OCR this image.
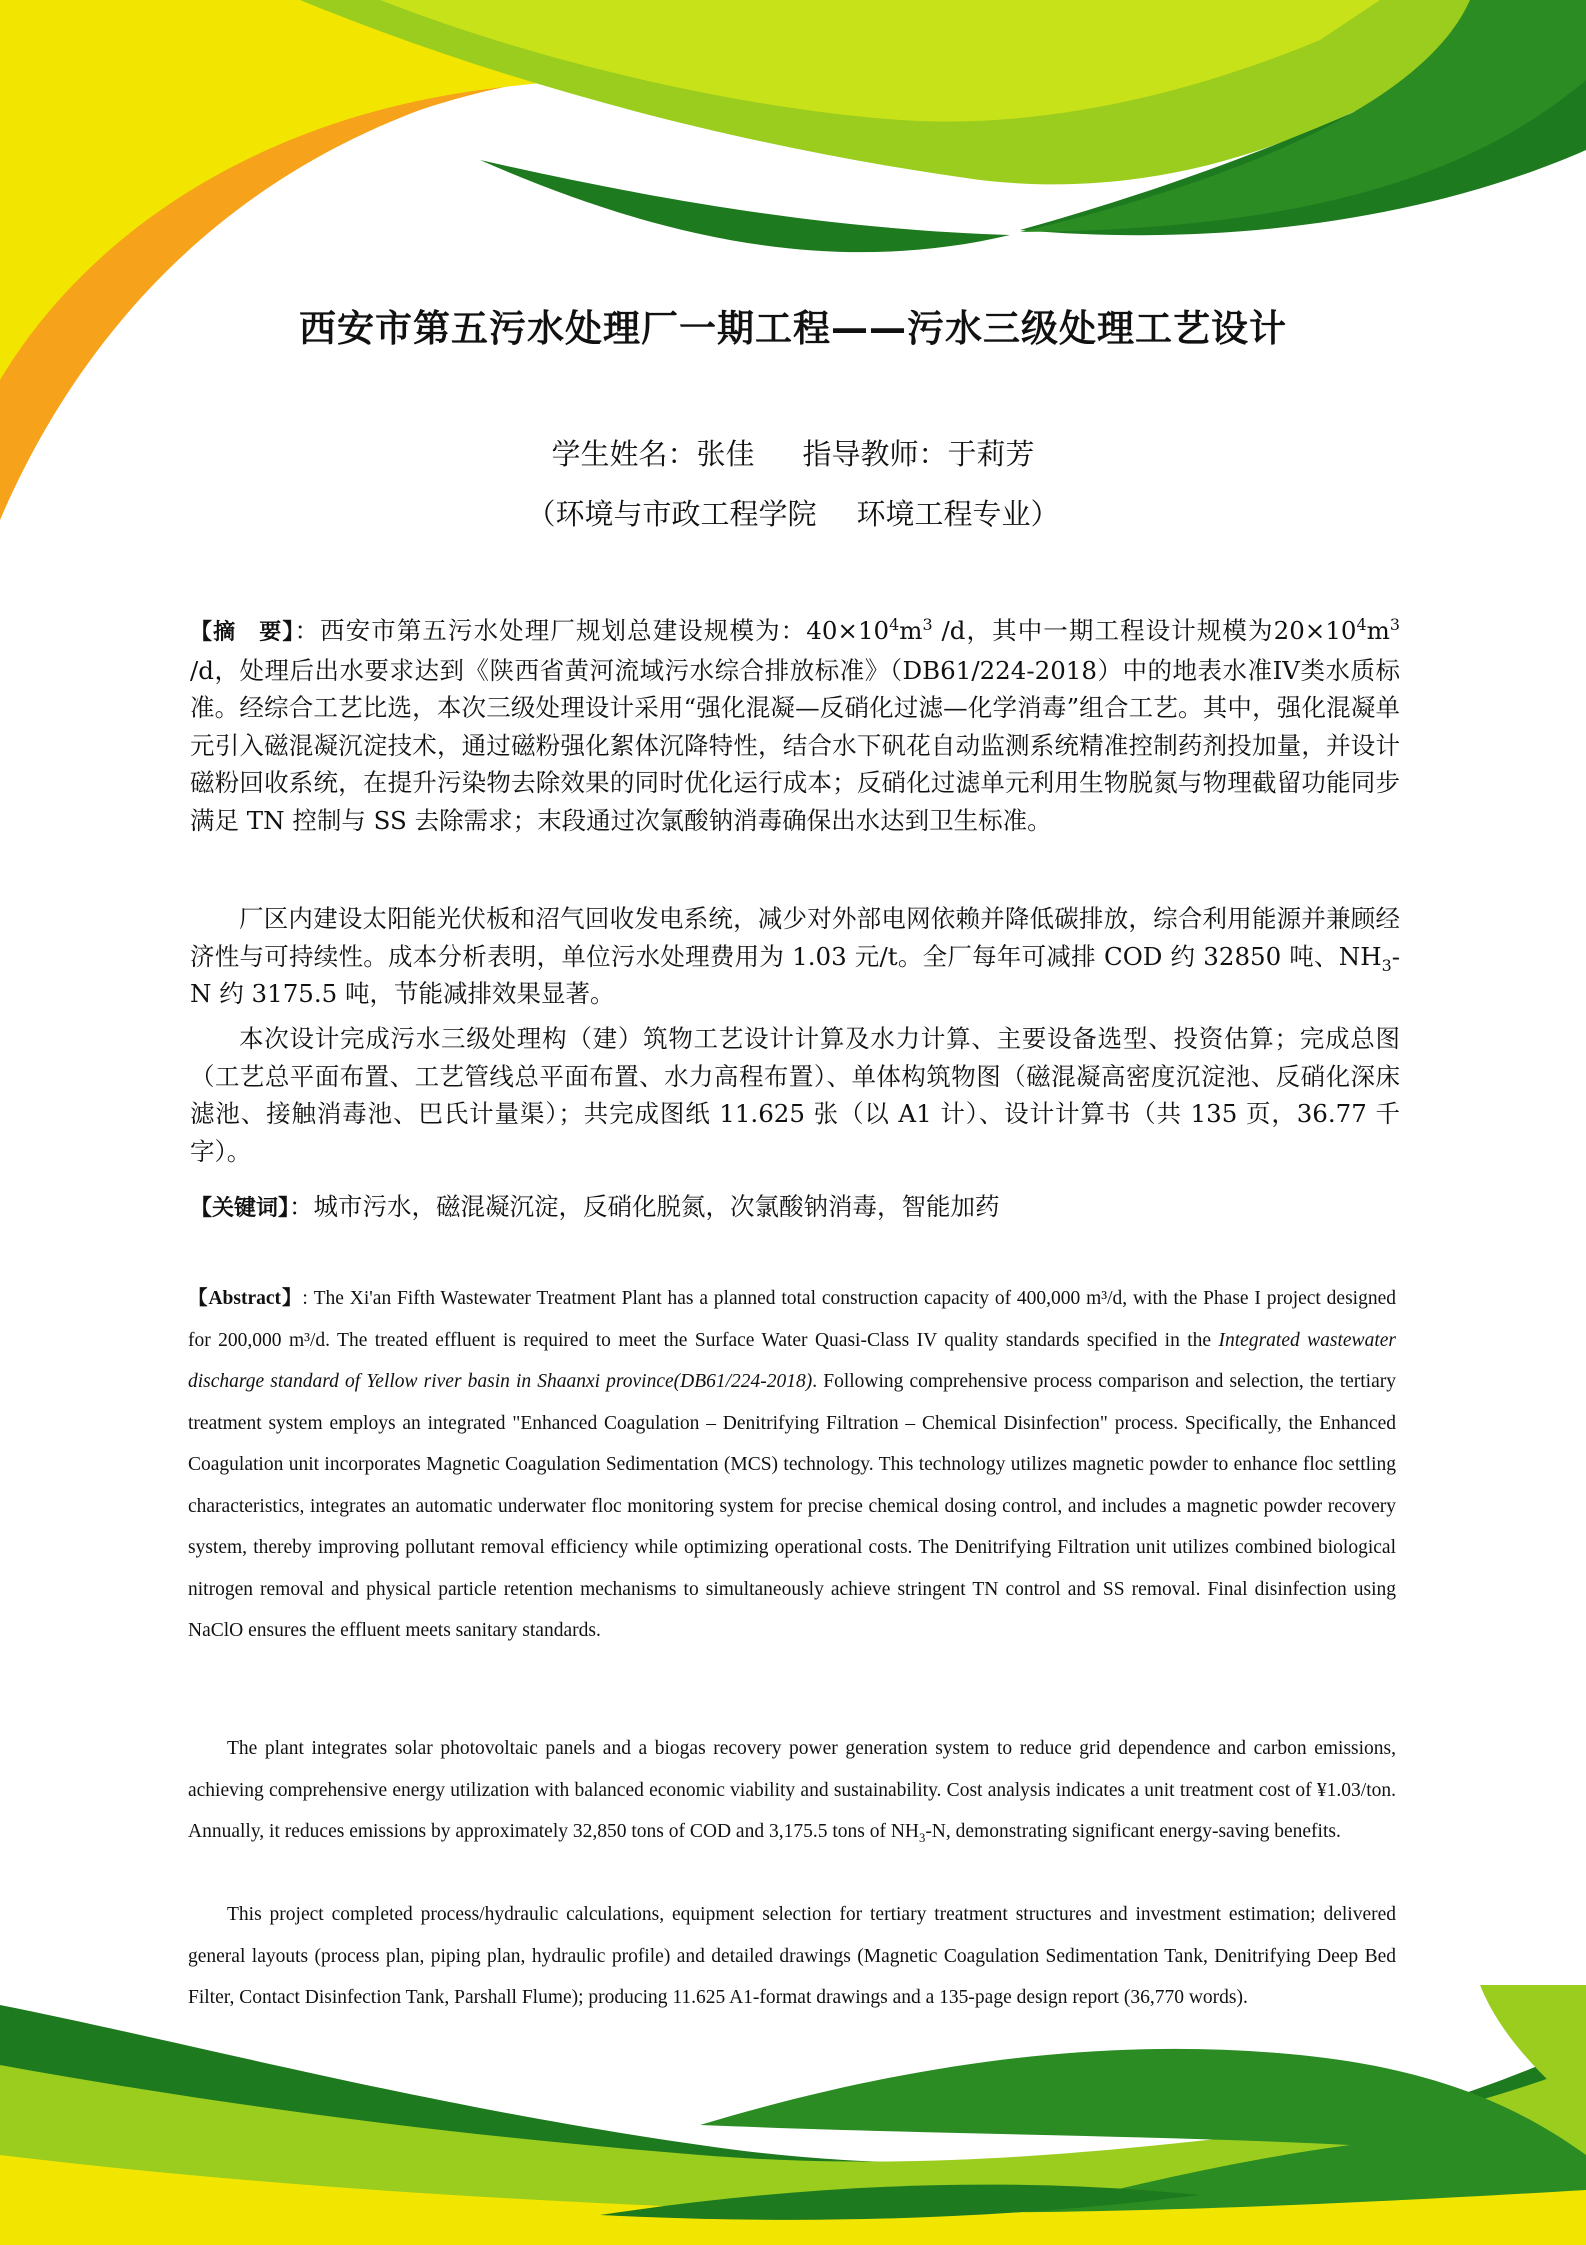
西安市第五污水处理厂一期工程——污水三级处理工艺设计
学生姓名：张佳 指导教师：于莉芳
（环境与市政工程学院 环境工程专业）

【摘　要】：西安市第五污水处理厂规划总建设规模为：$40\times 10^4m^3$ /d，其中一期工程设计规模为$20\times 10^4m^3$ /d，处理后出水要求达到《陕西省黄河流域污水综合排放标准》（DB61/224-2018）中的地表水准IV类水质标准。经综合工艺比选，本次三级处理设计采用“强化混凝—反硝化过滤—化学消毒”组合工艺。其中，强化混凝单元引入磁混凝沉淀技术，通过磁粉强化絮体沉降特性，结合水下矾花自动监测系统精准控制药剂投加量，并设计磁粉回收系统，在提升污染物去除效果的同时优化运行成本；反硝化过滤单元利用生物脱氮与物理截留功能同步满足 TN 控制与 SS 去除需求；末段通过次氯酸钠消毒确保出水达到卫生标准。

厂区内建设太阳能光伏板和沼气回收发电系统，减少对外部电网依赖并降低碳排放，综合利用能源并兼顾经济性与可持续性。成本分析表明，单位污水处理费用为 1.03 元/t。全厂每年可减排 COD 约 32850 吨、$NH_3-N$ 约 3175.5 吨，节能减排效果显著。

本次设计完成污水三级处理构（建）筑物工艺设计计算及水力计算、主要设备选型、投资估算；完成总图（工艺总平面布置、工艺管线总平面布置、水力高程布置）、单体构筑物图（磁混凝高密度沉淀池、反硝化深床滤池、接触消毒池、巴氏计量渠）；共完成图纸 11.625 张（以 A1 计）、设计计算书（共 135 页，36.77 千字）。

【关键词】：城市污水，磁混凝沉淀，反硝化脱氮，次氯酸钠消毒，智能加药

【Abstract】: The Xi'an Fifth Wastewater Treatment Plant has a planned total construction capacity of 400,000 m³/d, with the Phase I project designed for 200,000 m³/d. The treated effluent is required to meet the Surface Water Quasi-Class IV quality standards specified in the Integrated wastewater discharge standard of Yellow river basin in Shaanxi province(DB61/224-2018). Following comprehensive process comparison and selection, the tertiary treatment system employs an integrated "Enhanced Coagulation – Denitrifying Filtration – Chemical Disinfection" process. Specifically, the Enhanced Coagulation unit incorporates Magnetic Coagulation Sedimentation (MCS) technology. This technology utilizes magnetic powder to enhance floc settling characteristics, integrates an automatic underwater floc monitoring system for precise chemical dosing control, and includes a magnetic powder recovery system, thereby improving pollutant removal efficiency while optimizing operational costs. The Denitrifying Filtration unit utilizes combined biological nitrogen removal and physical particle retention mechanisms to simultaneously achieve stringent TN control and SS removal. Final disinfection using NaClO ensures the effluent meets sanitary standards.

The plant integrates solar photovoltaic panels and a biogas recovery power generation system to reduce grid dependence and carbon emissions, achieving comprehensive energy utilization with balanced economic viability and sustainability. Cost analysis indicates a unit treatment cost of ¥1.03/ton. Annually, it reduces emissions by approximately 32,850 tons of COD and 3,175.5 tons of $NH_3-N$, demonstrating significant energy-saving benefits.

This project completed process/hydraulic calculations, equipment selection for tertiary treatment structures and investment estimation; delivered general layouts (process plan, piping plan, hydraulic profile) and detailed drawings (Magnetic Coagulation Sedimentation Tank, Denitrifying Deep Bed Filter, Contact Disinfection Tank, Parshall Flume); producing 11.625 A1-format drawings and a 135-page design report (36,770 words).
